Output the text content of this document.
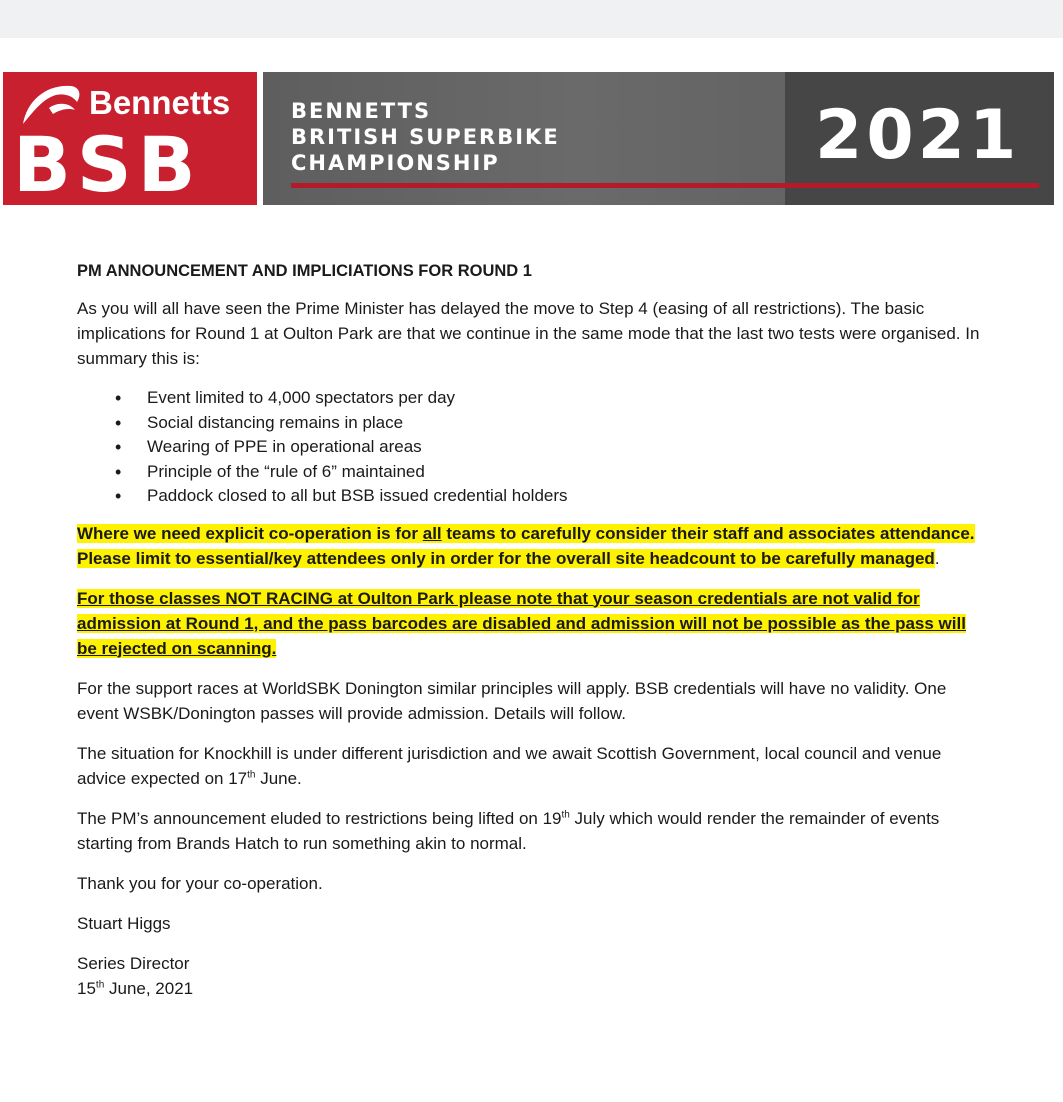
Bennetts
BSB
BENNETTS
BRITISH SUPERBIKE
CHAMPIONSHIP	2021
PM ANNOUNCEMENT AND IMPLICIATIONS FOR ROUND 1

As you will all have seen the Prime Minister has delayed the move to Step 4 (easing of all restrictions). The basic implications for Round 1 at Oulton Park are that we continue in the same mode that the last two tests were organised. In summary this is:

• Event limited to 4,000 spectators per day
• Social distancing remains in place
• Wearing of PPE in operational areas
• Principle of the “rule of 6” maintained
• Paddock closed to all but BSB issued credential holders

Where we need explicit co-operation is for all teams to carefully consider their staff and associates attendance. Please limit to essential/key attendees only in order for the overall site headcount to be carefully managed.

For those classes NOT RACING at Oulton Park please note that your season credentials are not valid for admission at Round 1, and the pass barcodes are disabled and admission will not be possible as the pass will be rejected on scanning.

For the support races at WorldSBK Donington similar principles will apply. BSB credentials will have no validity. One event WSBK/Donington passes will provide admission. Details will follow.

The situation for Knockhill is under different jurisdiction and we await Scottish Government, local council and venue advice expected on 17th June.

The PM’s announcement eluded to restrictions being lifted on 19th July which would render the remainder of events starting from Brands Hatch to run something akin to normal.

Thank you for your co-operation.

Stuart Higgs

Series Director
15th June, 2021
